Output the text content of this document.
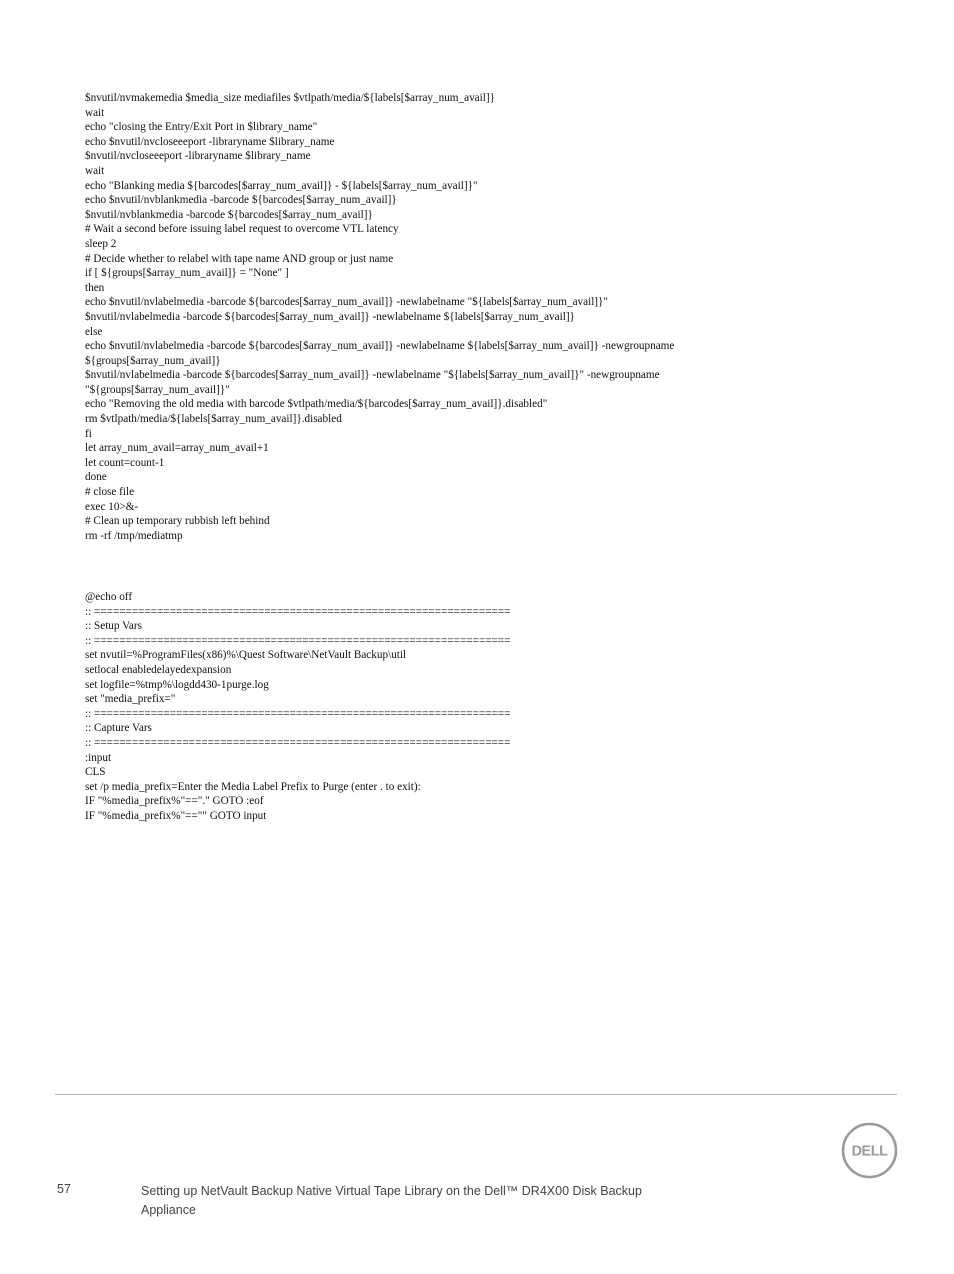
$nvutil/nvmakemedia $media_size mediafiles $vtlpath/media/${labels[$array_num_avail]}
wait
echo "closing the Entry/Exit Port in $library_name"
echo $nvutil/nvcloseeeport -libraryname $library_name
$nvutil/nvcloseeeport -libraryname $library_name
wait
echo "Blanking media ${barcodes[$array_num_avail]} - ${labels[$array_num_avail]}"
echo $nvutil/nvblankmedia -barcode ${barcodes[$array_num_avail]}
$nvutil/nvblankmedia -barcode ${barcodes[$array_num_avail]}
# Wait a second before issuing label request to overcome VTL latency
sleep 2
# Decide whether to relabel with tape name AND group or just name
if [ ${groups[$array_num_avail]} = "None" ]
then
echo $nvutil/nvlabelmedia -barcode ${barcodes[$array_num_avail]} -newlabelname "${labels[$array_num_avail]}"
$nvutil/nvlabelmedia -barcode ${barcodes[$array_num_avail]} -newlabelname ${labels[$array_num_avail]}
else
echo $nvutil/nvlabelmedia -barcode ${barcodes[$array_num_avail]} -newlabelname ${labels[$array_num_avail]} -newgroupname
${groups[$array_num_avail]}
$nvutil/nvlabelmedia -barcode ${barcodes[$array_num_avail]} -newlabelname "${labels[$array_num_avail]}" -newgroupname
"${groups[$array_num_avail]}"
echo "Removing the old media with barcode $vtlpath/media/${barcodes[$array_num_avail]}.disabled"
rm $vtlpath/media/${labels[$array_num_avail]}.disabled
fi
let array_num_avail=array_num_avail+1
let count=count-1
done
# close file
exec 10>&-
# Clean up temporary rubbish left behind
rm -rf /tmp/mediatmp
@echo off
:: ==================================================================
:: Setup Vars
:: ==================================================================
set nvutil=%ProgramFiles(x86)%\Quest Software\NetVault Backup\util
setlocal enabledelayedexpansion
set logfile=%tmp%\logdd430-1purge.log
set "media_prefix="
:: ==================================================================
:: Capture Vars
:: ==================================================================
:input
CLS
set /p media_prefix=Enter the Media Label Prefix to Purge (enter . to exit):
IF "%media_prefix%"=="." GOTO :eof
IF "%media_prefix%"=="" GOTO input
57	Setting up NetVault Backup Native Virtual Tape Library on the Dell™ DR4X00 Disk Backup
Appliance
DELL
